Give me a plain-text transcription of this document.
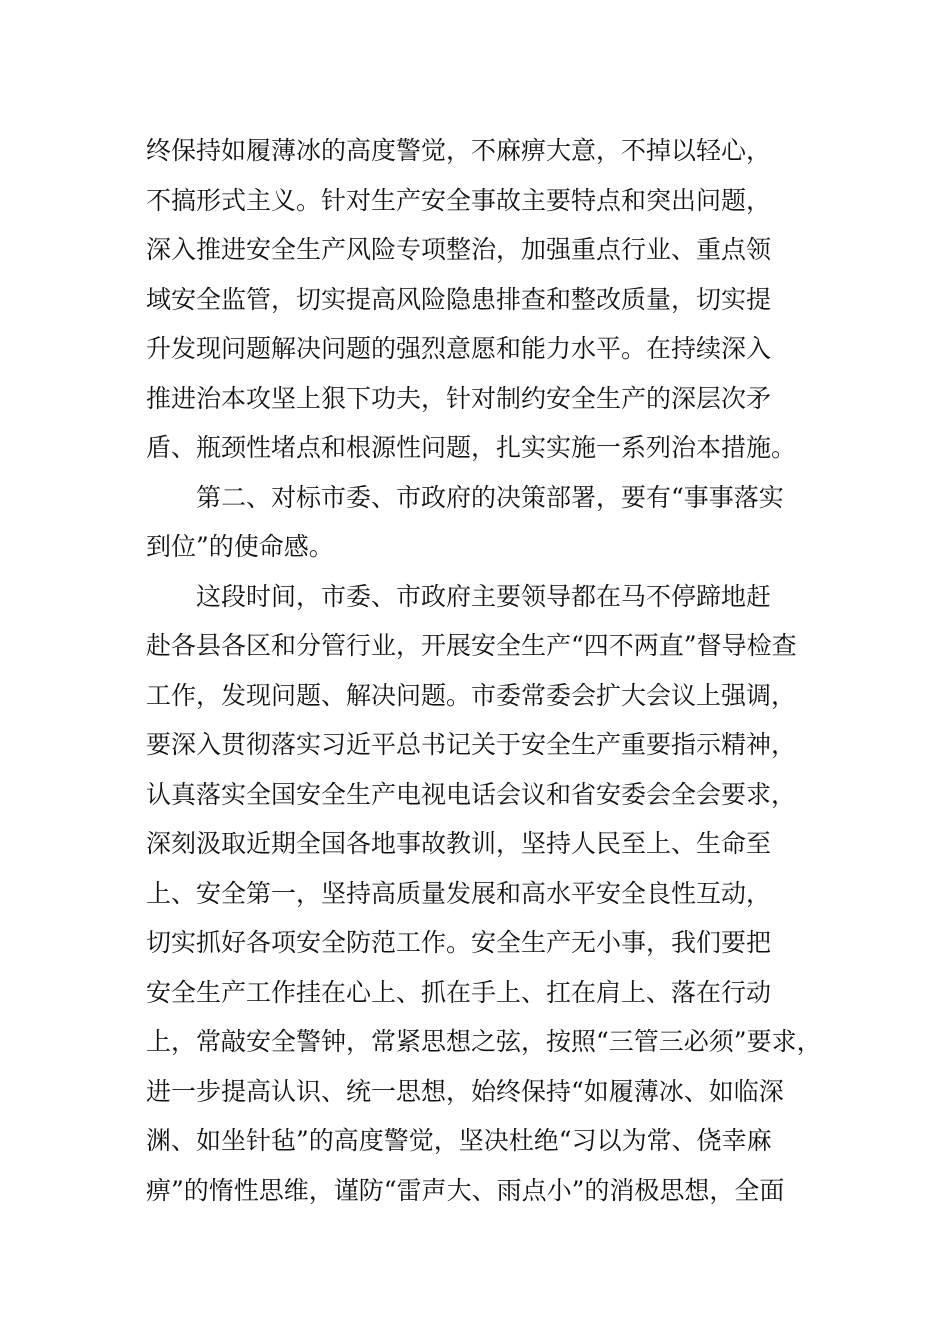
终保持如履薄冰的高度警觉，不麻痹大意，不掉以轻心，
不搞形式主义。针对生产安全事故主要特点和突出问题，
深入推进安全生产风险专项整治，加强重点行业、重点领
域安全监管，切实提高风险隐患排查和整改质量，切实提
升发现问题解决问题的强烈意愿和能力水平。在持续深入
推进治本攻坚上狠下功夫，针对制约安全生产的深层次矛
盾、瓶颈性堵点和根源性问题，扎实实施一系列治本措施。
第二、对标市委、市政府的决策部署，要有“事事落实
到位”的使命感。
这段时间，市委、市政府主要领导都在马不停蹄地赶
赴各县各区和分管行业，开展安全生产“四不两直”督导检查
工作，发现问题、解决问题。市委常委会扩大会议上强调，
要深入贯彻落实习近平总书记关于安全生产重要指示精神，
认真落实全国安全生产电视电话会议和省安委会全会要求，
深刻汲取近期全国各地事故教训，坚持人民至上、生命至
上、安全第一，坚持高质量发展和高水平安全良性互动，
切实抓好各项安全防范工作。安全生产无小事，我们要把
安全生产工作挂在心上、抓在手上、扛在肩上、落在行动
上，常敲安全警钟，常紧思想之弦，按照“三管三必须”要求，
进一步提高认识、统一思想，始终保持“如履薄冰、如临深
渊、如坐针毡”的高度警觉，坚决杜绝“习以为常、侥幸麻
痹”的惰性思维，谨防“雷声大、雨点小”的消极思想，全面
